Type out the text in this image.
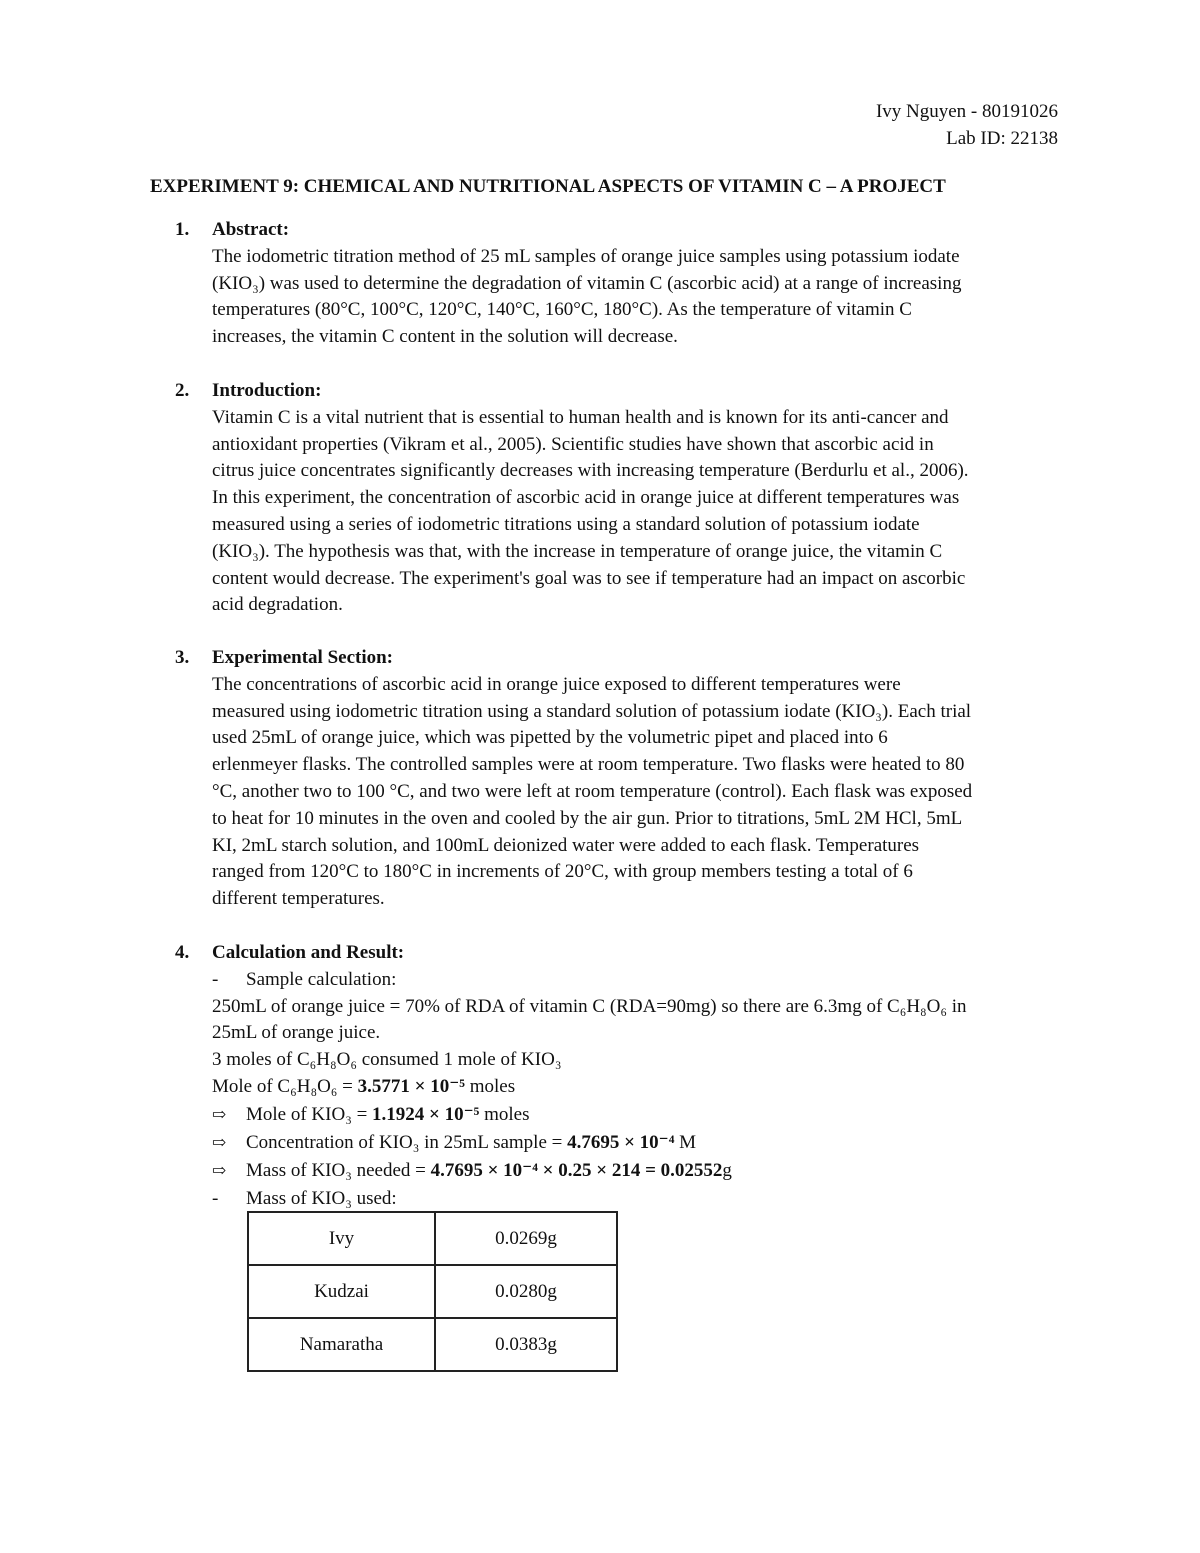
Ivy Nguyen - 80191026
Lab ID: 22138
EXPERIMENT 9: CHEMICAL AND NUTRITIONAL ASPECTS OF VITAMIN C – A PROJECT
1.	Abstract:
The iodometric titration method of 25 mL samples of orange juice samples using potassium iodate
(KIO₃) was used to determine the degradation of vitamin C (ascorbic acid) at a range of increasing
temperatures (80°C, 100°C, 120°C, 140°C, 160°C, 180°C). As the temperature of vitamin C
increases, the vitamin C content in the solution will decrease.
2.	Introduction:
Vitamin C is a vital nutrient that is essential to human health and is known for its anti-cancer and
antioxidant properties (Vikram et al., 2005). Scientific studies have shown that ascorbic acid in
citrus juice concentrates significantly decreases with increasing temperature (Berdurlu et al., 2006).
In this experiment, the concentration of ascorbic acid in orange juice at different temperatures was
measured using a series of iodometric titrations using a standard solution of potassium iodate
(KIO₃). The hypothesis was that, with the increase in temperature of orange juice, the vitamin C
content would decrease. The experiment's goal was to see if temperature had an impact on ascorbic
acid degradation.
3.	Experimental Section:
The concentrations of ascorbic acid in orange juice exposed to different temperatures were
measured using iodometric titration using a standard solution of potassium iodate (KIO₃). Each trial
used 25mL of orange juice, which was pipetted by the volumetric pipet and placed into 6
erlenmeyer flasks. The controlled samples were at room temperature. Two flasks were heated to 80
°C, another two to 100 °C, and two were left at room temperature (control). Each flask was exposed
to heat for 10 minutes in the oven and cooled by the air gun. Prior to titrations, 5mL 2M HCl, 5mL
KI, 2mL starch solution, and 100mL deionized water were added to each flask. Temperatures
ranged from 120°C to 180°C in increments of 20°C, with group members testing a total of 6
different temperatures.
4.	Calculation and Result:
- Sample calculation:
250mL of orange juice = 70% of RDA of vitamin C (RDA=90mg) so there are 6.3mg of C₆H₈O₆ in
25mL of orange juice.
3 moles of C₆H₈O₆ consumed 1 mole of KIO₃
Mole of C₆H₈O₆ = 3.5771 × 10⁻⁵ moles
⇨ Mole of KIO₃ = 1.1924 × 10⁻⁵ moles
⇨ Concentration of KIO₃ in 25mL sample = 4.7695 × 10⁻⁴ M
⇨ Mass of KIO₃ needed = 4.7695 × 10⁻⁴ × 0.25 × 214 = 0.02552g
- Mass of KIO₃ used:
Ivy	0.0269g
Kudzai	0.0280g
Namaratha	0.0383g
